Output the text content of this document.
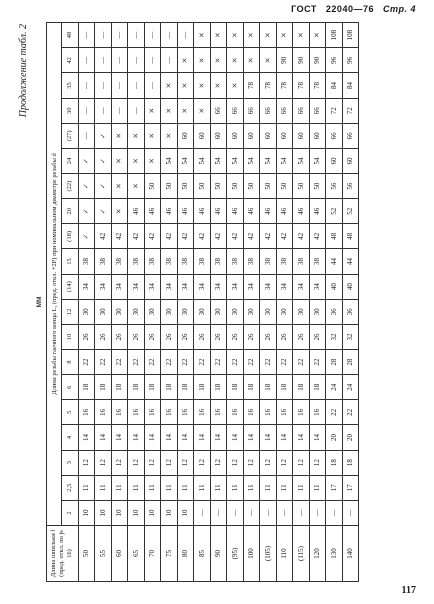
ГОСТ 22040—76 Стр. 4
Продолжение табл. 2
мм
Длина шпильки l (пред. откл. по js 16)	Длина резьбы гаечного конца L, (пред. откл. +2P) при номинальном диаметре резьбы d																			
	2	2,5	3	4	5	6	8	10	12	(14)	15	(18)	20	(22)	24	(27)	30	35	42	48
50	10	11	12	14	16	18	22	26	30	34	38	✓	✓	✓	✓	—	—	—	—	—
55	10	11	12	14	16	18	22	26	30	34	38	42	✓	✓	✓	✓	—	—	—	—
60	10	11	12	14	16	18	22	26	30	34	38	42	✕	✕	✕	✕	—	—	—	—
65	10	11	12	14	16	18	22	26	30	34	38	42	46	✕	✕	✕	—	—	—	—
70	10	11	12	14	16	18	22	26	30	34	38	42	46	50	✕	✕	✕	—	—	—
75	10	11	12	14	16	18	22	26	30	34	38	42	46	50	54	✕	✕	✕	—	—
80	10	11	12	14	16	18	22	26	30	34	38	42	46	50	54	60	✕	✕	✕	—
85	—	11	12	14	16	18	22	26	30	34	38	42	46	50	54	60	✕	✕	✕	✕
90	—	11	12	14	16	18	22	26	30	34	38	42	46	50	54	60	66	✕	✕	✕
(95)	—	11	12	14	16	18	22	26	30	34	38	42	46	50	54	60	66	✕	✕	✕
100	—	11	12	14	16	18	22	26	30	34	38	42	46	50	54	60	66	78	✕	✕
(105)	—	11	12	14	16	18	22	26	30	34	38	42	46	50	54	60	66	78	✕	✕
110	—	11	12	14	16	18	22	26	30	34	38	42	46	50	54	60	66	78	90	✕
(115)	—	11	12	14	16	18	22	26	30	34	38	42	46	50	54	60	66	78	90	✕
120	—	11	12	14	16	18	22	26	30	34	38	42	46	50	54	60	66	78	90	✕
130	—	17	18	20	22	24	28	32	36	40	44	48	52	56	60	66	72	84	96	108
140	—	17	18	20	22	24	28	32	36	40	44	48	52	56	60	66	72	84	96	108
117
